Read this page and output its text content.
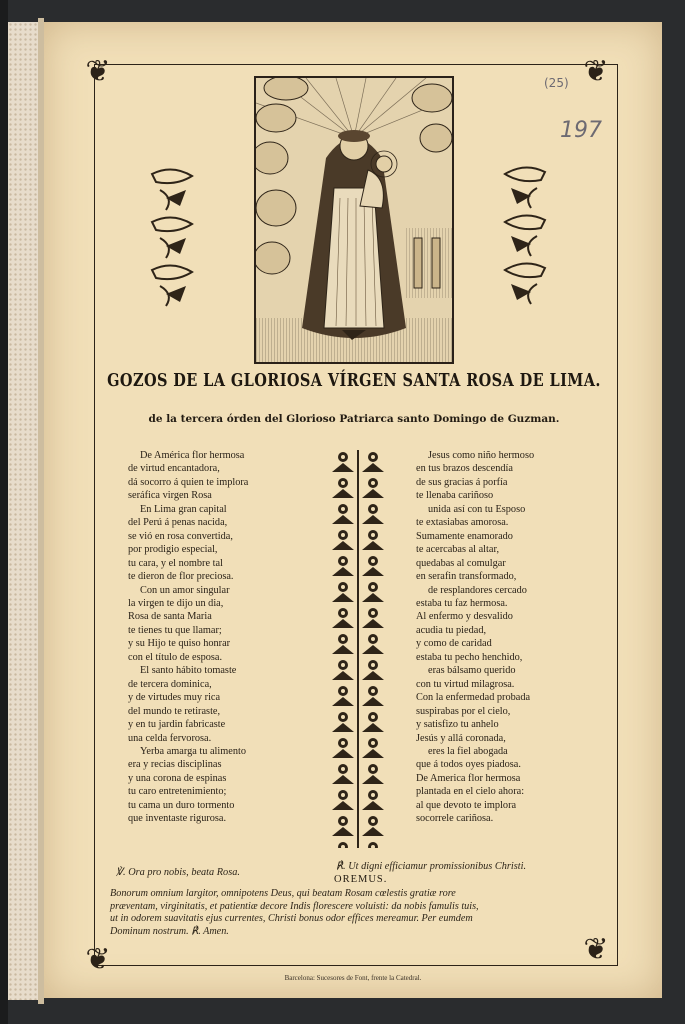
❦	❦
❦	❦
(25)
197
GOZOS DE LA GLORIOSA VÍRGEN SANTA ROSA DE LIMA.
de la tercera órden del Glorioso Patriarca santo Domingo de Guzman.
De América flor hermosa
de virtud encantadora,
dá socorro á quien te implora
seráfica virgen Rosa
En Lima gran capital
del Perú á penas nacida,
se vió en rosa convertida,
por prodigio especial,
tu cara, y el nombre tal
te dieron de flor preciosa.
Con un amor singular
la virgen te dijo un dia,
Rosa de santa Maria
te tienes tu que llamar;
y su Hijo te quiso honrar
con el título de esposa.
El santo hábito tomaste
de tercera dominica,
y de virtudes muy rica
del mundo te retiraste,
y en tu jardin fabricaste
una celda fervorosa.
Yerba amarga tu alimento
era y recias disciplinas
y una corona de espinas
tu caro entretenimiento;
tu cama un duro tormento
que inventaste rigurosa.
Jesus como niño hermoso
en tus brazos descendía
de sus gracias á porfía
te llenaba cariñoso
unida así con tu Esposo
te extasiabas amorosa.
Sumamente enamorado
te acercabas al altar,
quedabas al comulgar
en serafin transformado,
de resplandores cercado
estaba tu faz hermosa.
Al enfermo y desvalido
acudia tu piedad,
y como de caridad
estaba tu pecho henchido,
eras bálsamo querido
con tu virtud milagrosa.
Con la enfermedad probada
suspirabas por el cielo,
y satisfizo tu anhelo
Jesús y allá coronada,
eres la fiel abogada
que á todos oyes piadosa.
De America flor hermosa
plantada en el cielo ahora:
al que devoto te implora
socorrele cariñosa.
℣. Ora pro nobis, beata Rosa.
℟. Ut digni efficiamur promissionibus Christi.
OREMUS.
Bonorum omnium largitor, omnipotens Deus, qui beatam Rosam cœlestis gratiæ rore
præventam, virginitatis, et patientiæ decore Indis florescere voluisti: da nobis famulis tuis,
ut in odorem suavitatis ejus currentes, Christi bonus odor effices mereamur. Per eumdem
Dominum nostrum. ℟. Amen.
Barcelona: Sucesores de Font, frente la Catedral.
